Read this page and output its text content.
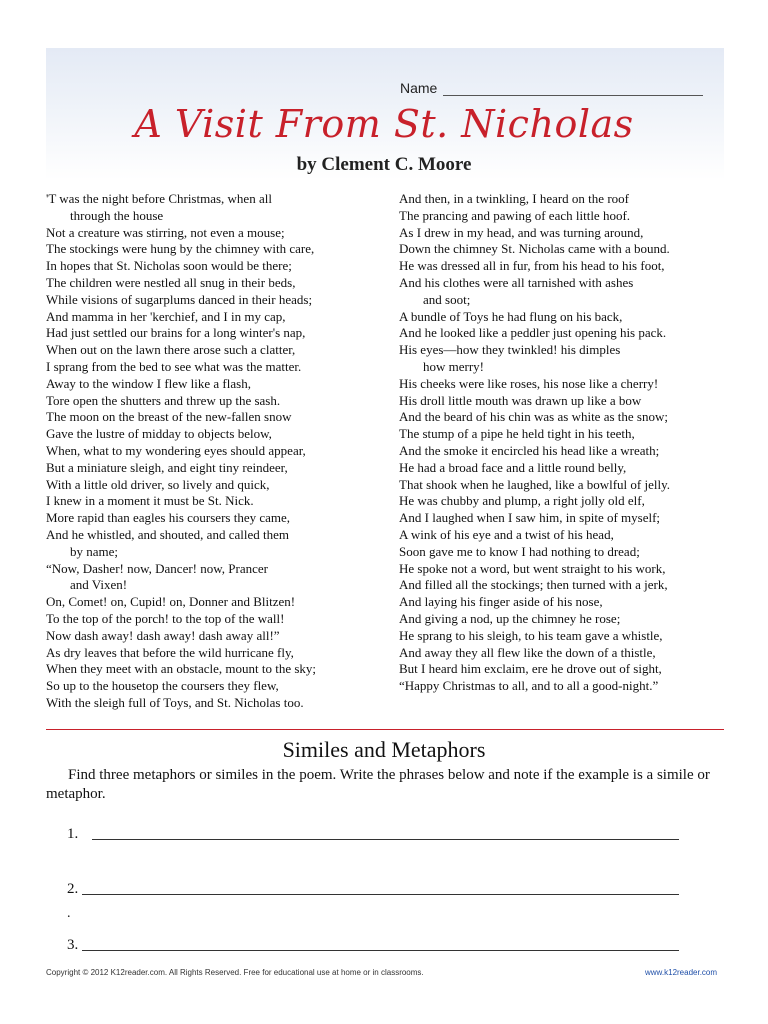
Name
A Visit From St. Nicholas
by Clement C. Moore
'T was the night before Christmas, when all
through the house
Not a creature was stirring, not even a mouse;
The stockings were hung by the chimney with care,
In hopes that St. Nicholas soon would be there;
The children were nestled all snug in their beds,
While visions of sugarplums danced in their heads;
And mamma in her 'kerchief, and I in my cap,
Had just settled our brains for a long winter's nap,
When out on the lawn there arose such a clatter,
I sprang from the bed to see what was the matter.
Away to the window I flew like a flash,
Tore open the shutters and threw up the sash.
The moon on the breast of the new-fallen snow
Gave the lustre of midday to objects below,
When, what to my wondering eyes should appear,
But a miniature sleigh, and eight tiny reindeer,
With a little old driver, so lively and quick,
I knew in a moment it must be St. Nick.
More rapid than eagles his coursers they came,
And he whistled, and shouted, and called them
by name;
“Now, Dasher! now, Dancer! now, Prancer
and Vixen!
On, Comet! on, Cupid! on, Donner and Blitzen!
To the top of the porch! to the top of the wall!
Now dash away! dash away! dash away all!”
As dry leaves that before the wild hurricane fly,
When they meet with an obstacle, mount to the sky;
So up to the housetop the coursers they flew,
With the sleigh full of Toys, and St. Nicholas too.
And then, in a twinkling, I heard on the roof
The prancing and pawing of each little hoof.
As I drew in my head, and was turning around,
Down the chimney St. Nicholas came with a bound.
He was dressed all in fur, from his head to his foot,
And his clothes were all tarnished with ashes
and soot;
A bundle of Toys he had flung on his back,
And he looked like a peddler just opening his pack.
His eyes—how they twinkled! his dimples
how merry!
His cheeks were like roses, his nose like a cherry!
His droll little mouth was drawn up like a bow
And the beard of his chin was as white as the snow;
The stump of a pipe he held tight in his teeth,
And the smoke it encircled his head like a wreath;
He had a broad face and a little round belly,
That shook when he laughed, like a bowlful of jelly.
He was chubby and plump, a right jolly old elf,
And I laughed when I saw him, in spite of myself;
A wink of his eye and a twist of his head,
Soon gave me to know I had nothing to dread;
He spoke not a word, but went straight to his work,
And filled all the stockings; then turned with a jerk,
And laying his finger aside of his nose,
And giving a nod, up the chimney he rose;
He sprang to his sleigh, to his team gave a whistle,
And away they all flew like the down of a thistle,
But I heard him exclaim, ere he drove out of sight,
“Happy Christmas to all, and to all a good-night.”
Similes and Metaphors
Find three metaphors or similes in the poem. Write the phrases below and note if the example is a simile or metaphor.
1.
2.
.
3.
Copyright © 2012 K12reader.com. All Rights Reserved. Free for educational use at home or in classrooms.	www.k12reader.com
